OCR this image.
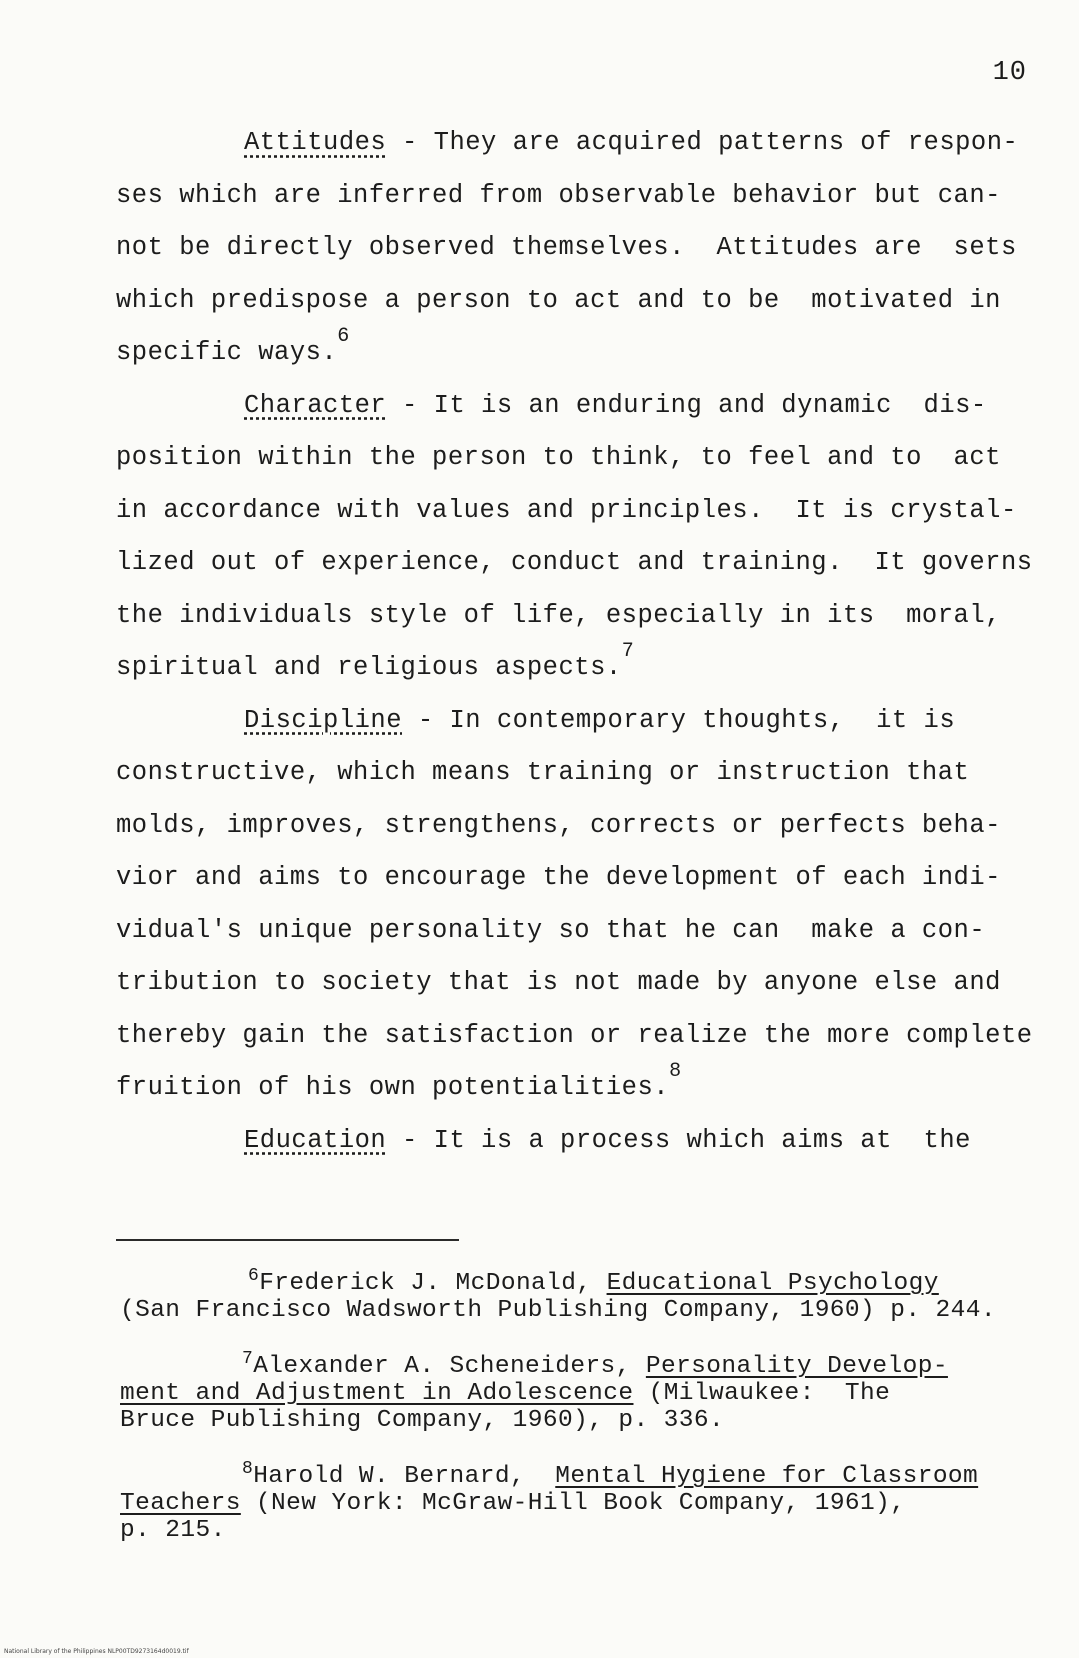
10
Attitudes - They are acquired patterns of respon-
ses which are inferred from observable behavior but can-
not be directly observed themselves.  Attitudes are  sets
which predispose a person to act and to be  motivated in
specific ways.$^6$
Character - It is an enduring and dynamic  dis-
position within the person to think, to feel and to  act
in accordance with values and principles.  It is crystal-
lized out of experience, conduct and training.  It governs
the individuals style of life, especially in its  moral,
spiritual and religious aspects.$^7$
Discipline - In contemporary thoughts,  it is
constructive, which means training or instruction that
molds, improves, strengthens, corrects or perfects beha-
vior and aims to encourage the development of each indi-
vidual's unique personality so that he can  make a con-
tribution to society that is not made by anyone else and
thereby gain the satisfaction or realize the more complete
fruition of his own potentialities.$^8$
Education - It is a process which aims at  the
$^6$Frederick J. McDonald, Educational Psychology
(San Francisco Wadsworth Publishing Company, 1960) p. 244.
$^7$Alexander A. Scheneiders, Personality Develop-
ment and Adjustment in Adolescence (Milwaukee:  The
Bruce Publishing Company, 1960), p. 336.
$^8$Harold W. Bernard,  Mental Hygiene for Classroom
Teachers (New York: McGraw-Hill Book Company, 1961),
p. 215.
National Library of the Philippines NLP00TD9273164d0019.tif
